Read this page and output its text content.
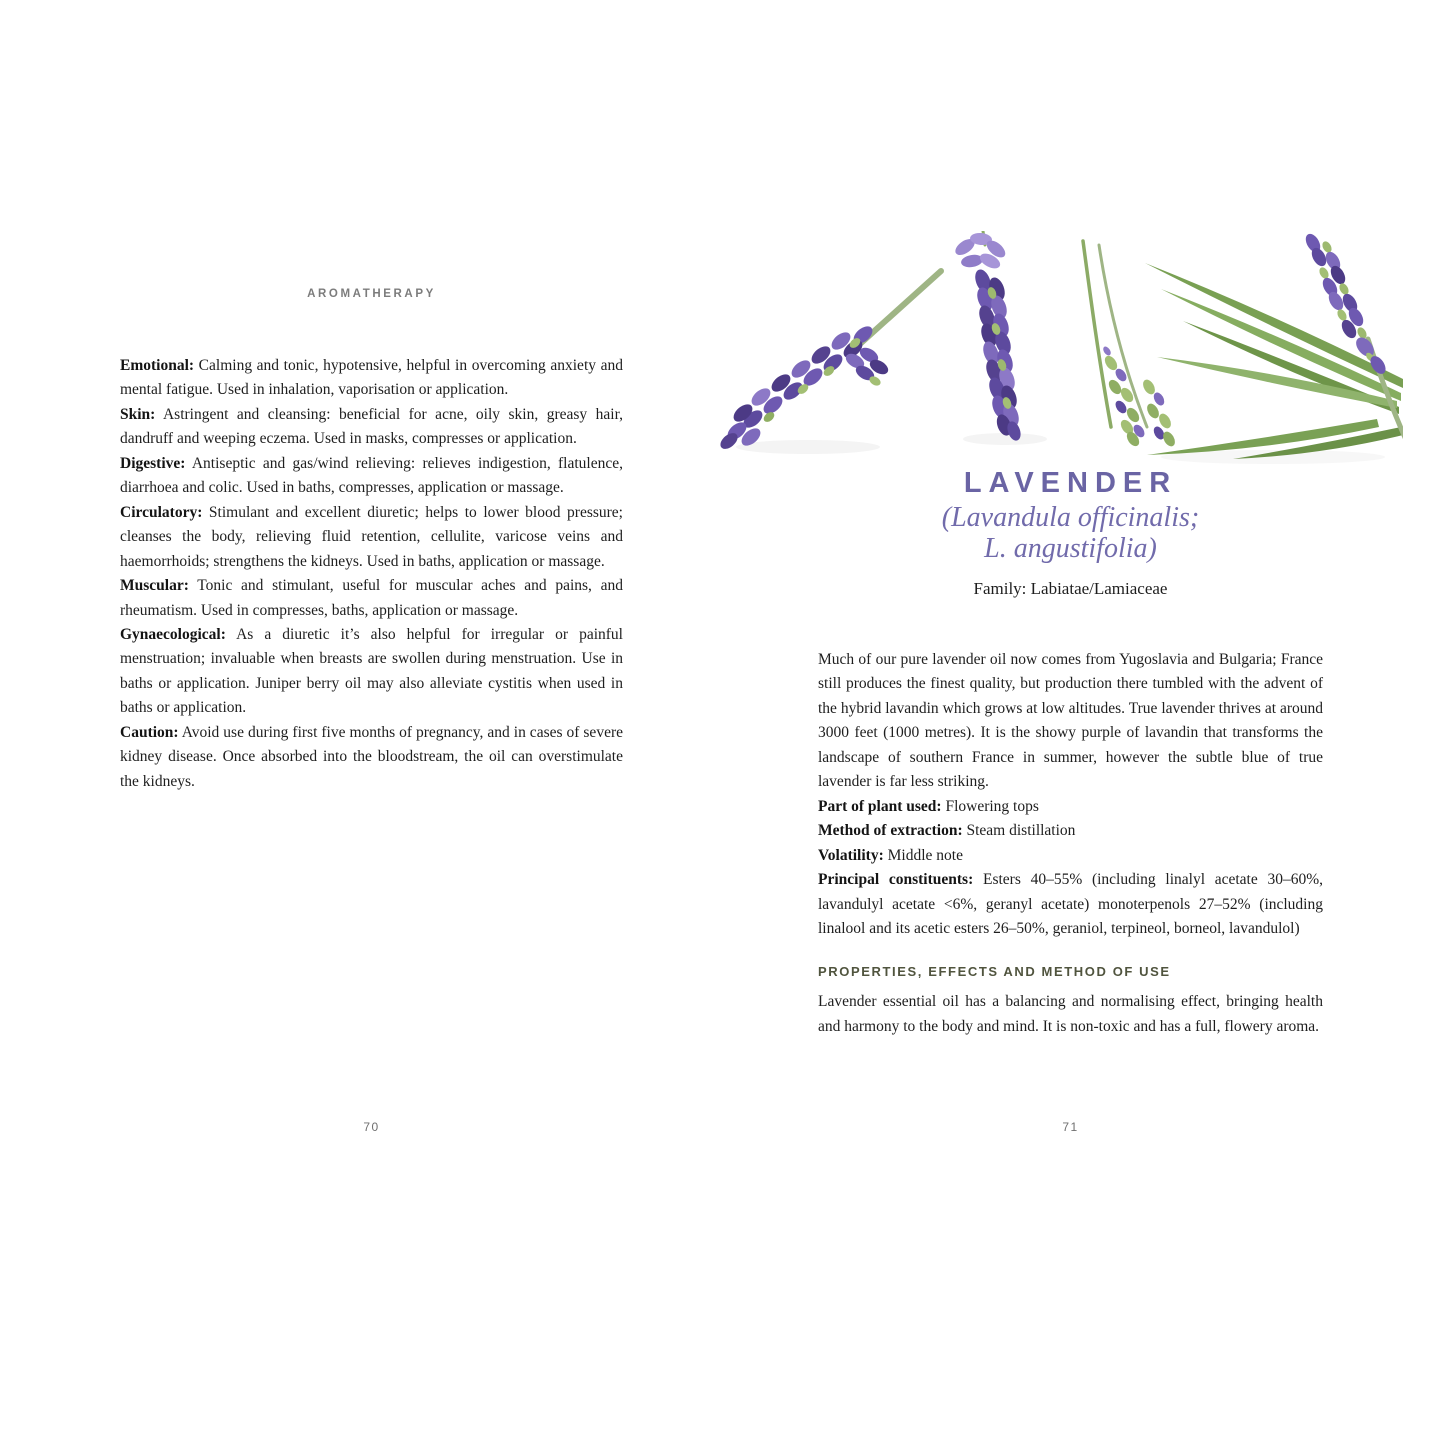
AROMATHERAPY

Emotional: Calming and tonic, hypotensive, helpful in overcoming anxiety and mental fatigue. Used in inhalation, vaporisation or application.

Skin: Astringent and cleansing: beneficial for acne, oily skin, greasy hair, dandruff and weeping eczema. Used in masks, compresses or application.

Digestive: Antiseptic and gas/wind relieving: relieves indigestion, flatulence, diarrhoea and colic. Used in baths, compresses, application or massage.

Circulatory: Stimulant and excellent diuretic; helps to lower blood pressure; cleanses the body, relieving fluid retention, cellulite, varicose veins and haemorrhoids; strengthens the kidneys. Used in baths, application or massage.

Muscular: Tonic and stimulant, useful for muscular aches and pains, and rheumatism. Used in compresses, baths, application or massage.

Gynaecological: As a diuretic it’s also helpful for irregular or painful menstruation; invaluable when breasts are swollen during menstruation. Use in baths or application. Juniper berry oil may also alleviate cystitis when used in baths or application.

Caution: Avoid use during first five months of pregnancy, and in cases of severe kidney disease. Once absorbed into the bloodstream, the oil can overstimulate the kidneys.

70
LAVENDER
(Lavandula officinalis;
L. angustifolia)
Family: Labiatae/Lamiaceae

Much of our pure lavender oil now comes from Yugoslavia and Bulgaria; France still produces the finest quality, but production there tumbled with the advent of the hybrid lavandin which grows at low altitudes. True lavender thrives at around 3000 feet (1000 metres). It is the showy purple of lavandin that transforms the landscape of southern France in summer, however the subtle blue of true lavender is far less striking.

Part of plant used: Flowering tops

Method of extraction: Steam distillation

Volatility: Middle note

Principal constituents: Esters 40–55% (including linalyl acetate 30–60%, lavandulyl acetate <6%, geranyl acetate) monoterpenols 27–52% (including linalool and its acetic esters 26–50%, geraniol, terpineol, borneol, lavandulol)

PROPERTIES, EFFECTS AND METHOD OF USE

Lavender essential oil has a balancing and normalising effect, bringing health and harmony to the body and mind. It is non-toxic and has a full, flowery aroma.

71
